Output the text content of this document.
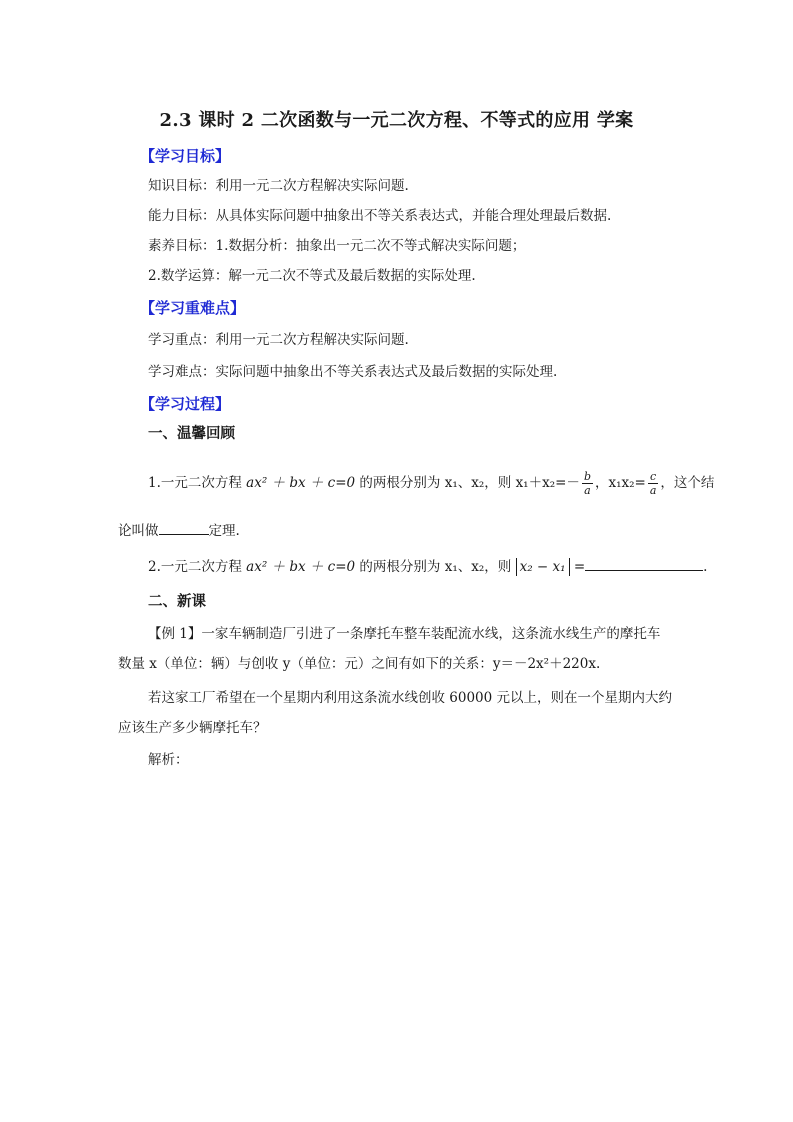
2.3 课时 2 二次函数与一元二次方程、不等式的应用 学案
【学习目标】
知识目标：利用一元二次方程解决实际问题.
能力目标：从具体实际问题中抽象出不等关系表达式，并能合理处理最后数据.
素养目标：1.数据分析：抽象出一元二次不等式解决实际问题；
2.数学运算：解一元二次不等式及最后数据的实际处理.
【学习重难点】
学习重点：利用一元二次方程解决实际问题.
学习难点：实际问题中抽象出不等关系表达式及最后数据的实际处理.
【学习过程】
一、温馨回顾
1.一元二次方程 ax² ＋ bx ＋ c=0 的两根分别为 x₁、x₂，则 $x_1+x_2=- \frac{b}{a}$ ，$x_1x_2= \frac{c}{a}$ ，这个结
论叫做	定理.
2.一元二次方程 ax² ＋ bx ＋ c=0 的两根分别为 x₁、x₂，则 x₂ − x₁ =	.
二、新课
【例 1】一家车辆制造厂引进了一条摩托车整车装配流水线，这条流水线生产的摩托车
数量 x（单位：辆）与创收 y（单位：元）之间有如下的关系：y＝－2x²＋220x.
若这家工厂希望在一个星期内利用这条流水线创收 60000 元以上，则在一个星期内大约
应该生产多少辆摩托车？
解析：
